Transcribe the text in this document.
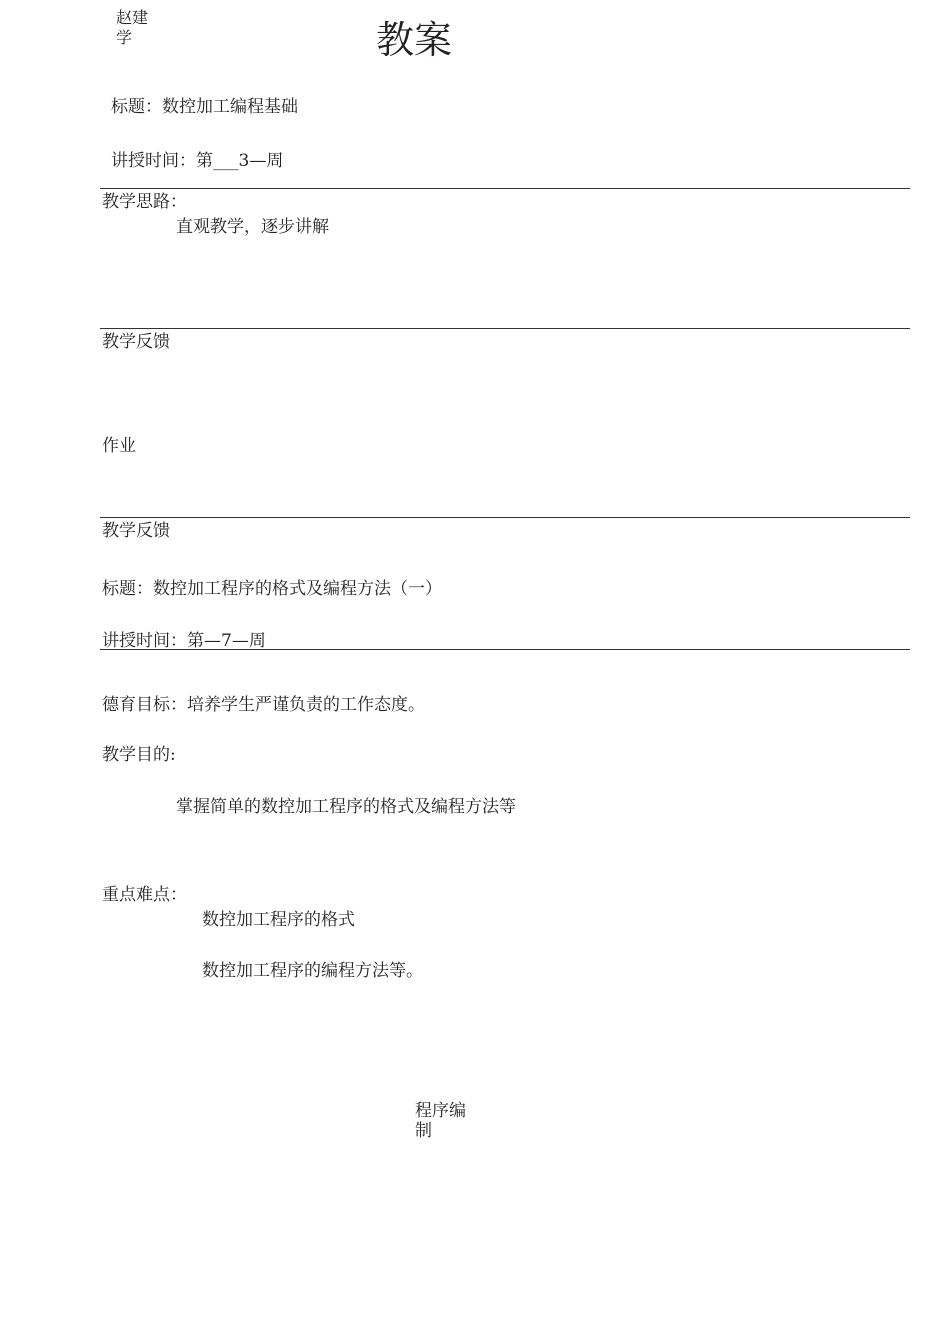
赵建学	教案
标题：数控加工编程基础
讲授时间：第___3—周
教学思路：
直观教学，逐步讲解
教学反馈
作业
教学反馈
标题：数控加工程序的格式及编程方法（一）
讲授时间：第—7—周
德育目标：培养学生严谨负责的工作态度。
教学目的:
掌握简单的数控加工程序的格式及编程方法等
重点难点：
数控加工程序的格式
数控加工程序的编程方法等。
程序编制
